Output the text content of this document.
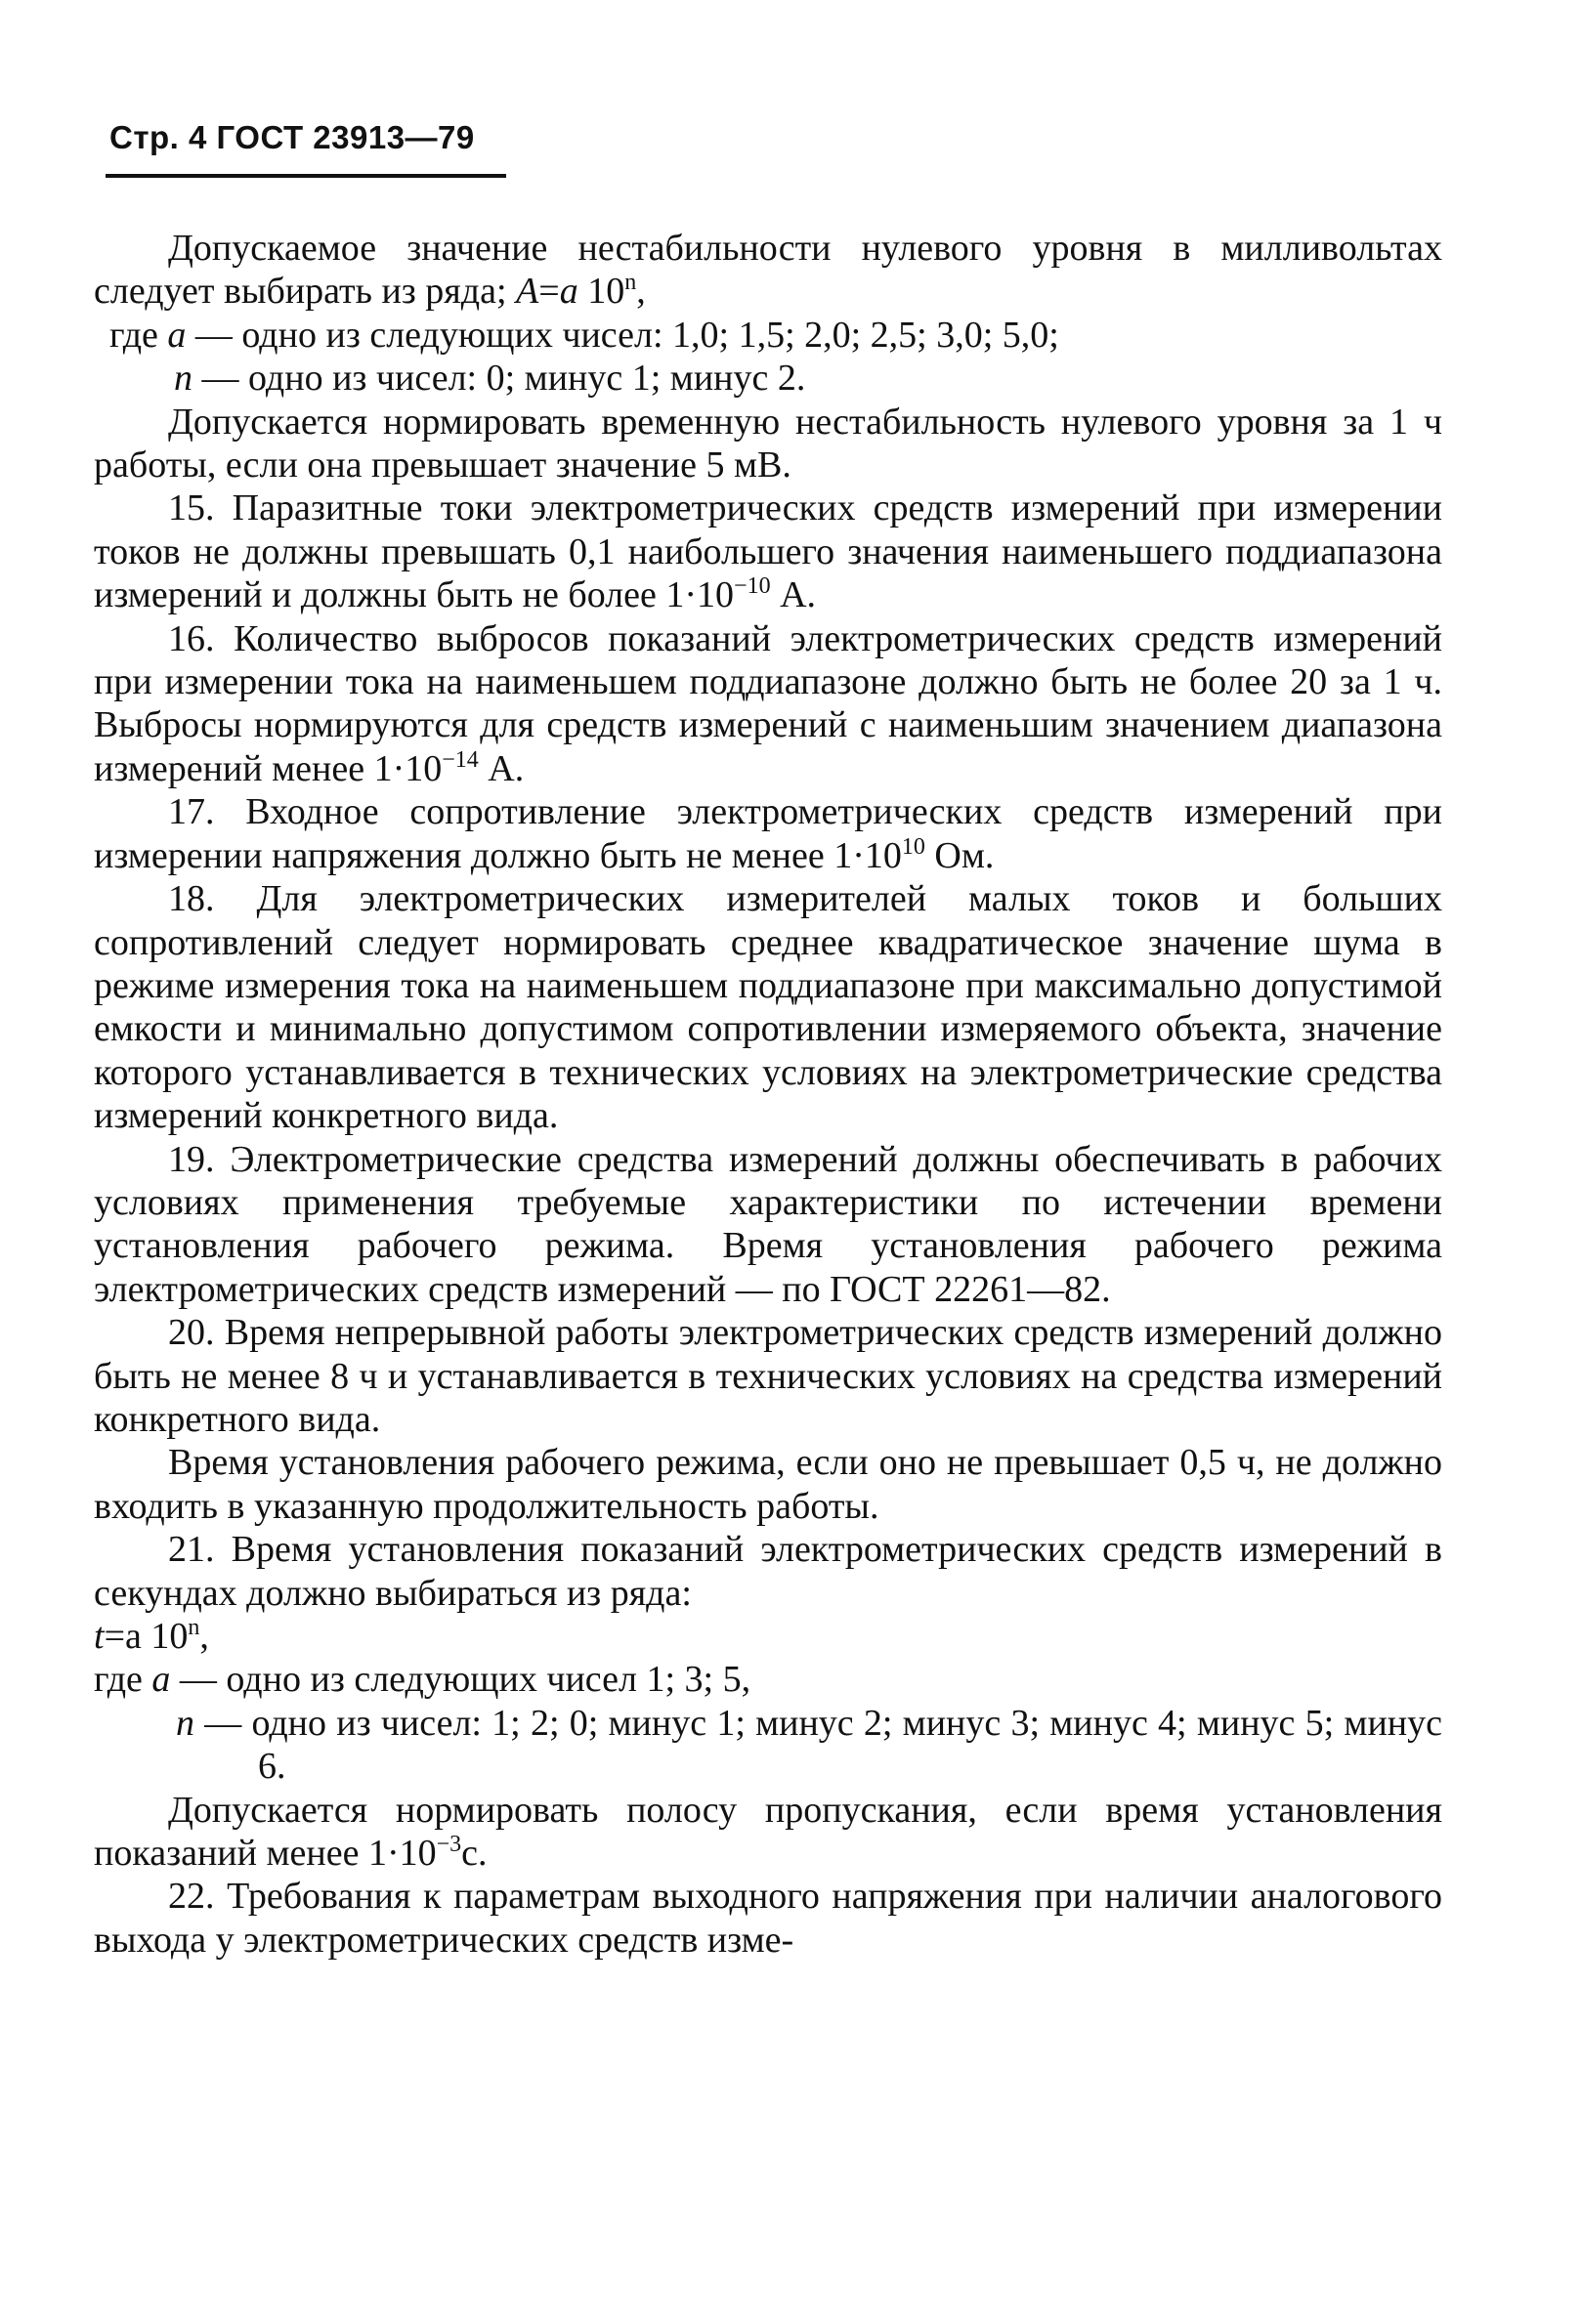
Стр. 4 ГОСТ 23913—79

Допускаемое значение нестабильности нулевого уровня в милливольтах следует выбирать из ряда; A=a 10$^n$,

где a — одно из следующих чисел: 1,0; 1,5; 2,0; 2,5; 3,0; 5,0;

n — одно из чисел: 0; минус 1; минус 2.

Допускается нормировать временную нестабильность нулевого уровня за 1 ч работы, если она превышает значение 5 мВ.

15. Паразитные токи электрометрических средств измерений при измерении токов не должны превышать 0,1 наибольшего значения наименьшего поддиапазона измерений и должны быть не более $1\cdot 10^{-10}$ А.

16. Количество выбросов показаний электрометрических средств измерений при измерении тока на наименьшем поддиапазоне должно быть не более 20 за 1 ч. Выбросы нормируются для средств измерений с наименьшим значением диапазона измерений менее $1\cdot 10^{-14}$ А.

17. Входное сопротивление электрометрических средств измерений при измерении напряжения должно быть не менее $1\cdot 10^{10}$ Ом.

18. Для электрометрических измерителей малых токов и больших сопротивлений следует нормировать среднее квадратическое значение шума в режиме измерения тока на наименьшем поддиапазоне при максимально допустимой емкости и минимально допустимом сопротивлении измеряемого объекта, значение которого устанавливается в технических условиях на электрометрические средства измерений конкретного вида.

19. Электрометрические средства измерений должны обеспечивать в рабочих условиях применения требуемые характеристики по истечении времени установления рабочего режима. Время установления рабочего режима электрометрических средств измерений — по ГОСТ 22261—82.

20. Время непрерывной работы электрометрических средств измерений должно быть не менее 8 ч и устанавливается в технических условиях на средства измерений конкретного вида.

Время установления рабочего режима, если оно не превышает 0,5 ч, не должно входить в указанную продолжительность работы.

21. Время установления показаний электрометрических средств измерений в секундах должно выбираться из ряда:

t=a 10$^n$,

где a — одно из следующих чисел 1; 3; 5,

n — одно из чисел: 1; 2; 0; минус 1; минус 2; минус 3; минус 4; минус 5; минус 6.

Допускается нормировать полосу пропускания, если время установления показаний менее $1\cdot 10^{-3}с$.

22. Требования к параметрам выходного напряжения при наличии аналогового выхода у электрометрических средств изме-
